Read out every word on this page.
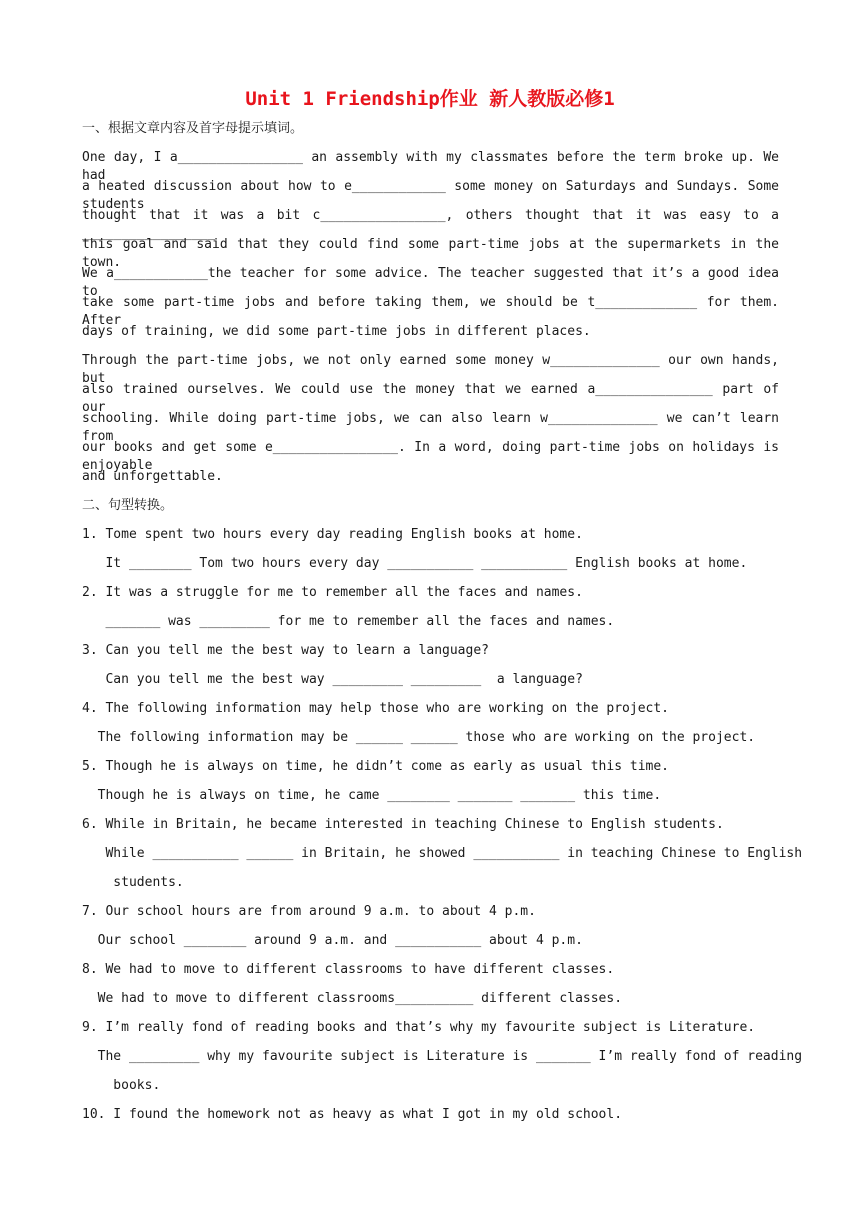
Unit 1 Friendship作业 新人教版必修1
一、根据文章内容及首字母提示填词。
One day, I a________________ an assembly with my classmates before the term broke up. We had
a heated discussion about how to e____________ some money on Saturdays and Sundays. Some students
thought that it was a bit c________________, others thought that it was easy to a _________________
this goal and said that they could find some part-time jobs at the supermarkets in the town.
We a____________the teacher for some advice. The teacher suggested that it’s a good idea to
take some part-time jobs and before taking them, we should be t_____________ for them. After
days of training, we did some part-time jobs in different places.
Through the part-time jobs, we not only earned some money w______________ our own hands, but
also trained ourselves. We could use the money that we earned a_______________ part of our
schooling. While doing part-time jobs, we can also learn w______________ we can’t learn from
our books and get some e________________. In a word, doing part-time jobs on holidays is enjoyable
and unforgettable.
二、句型转换。
1. Tome spent two hours every day reading English books at home.
It ________ Tom two hours every day ___________ ___________ English books at home.
2. It was a struggle for me to remember all the faces and names.
_______ was _________ for me to remember all the faces and names.
3. Can you tell me the best way to learn a language?
Can you tell me the best way _________ _________  a language?
4. The following information may help those who are working on the project.
The following information may be ______ ______ those who are working on the project.
5. Though he is always on time, he didn’t come as early as usual this time.
Though he is always on time, he came ________ _______ _______ this time.
6. While in Britain, he became interested in teaching Chinese to English students.
While ___________ ______ in Britain, he showed ___________ in teaching Chinese to English
students.
7. Our school hours are from around 9 a.m. to about 4 p.m.
Our school ________ around 9 a.m. and ___________ about 4 p.m.
8. We had to move to different classrooms to have different classes.
We had to move to different classrooms__________ different classes.
9. I’m really fond of reading books and that’s why my favourite subject is Literature.
The _________ why my favourite subject is Literature is _______ I’m really fond of reading
books.
10. I found the homework not as heavy as what I got in my old school.
